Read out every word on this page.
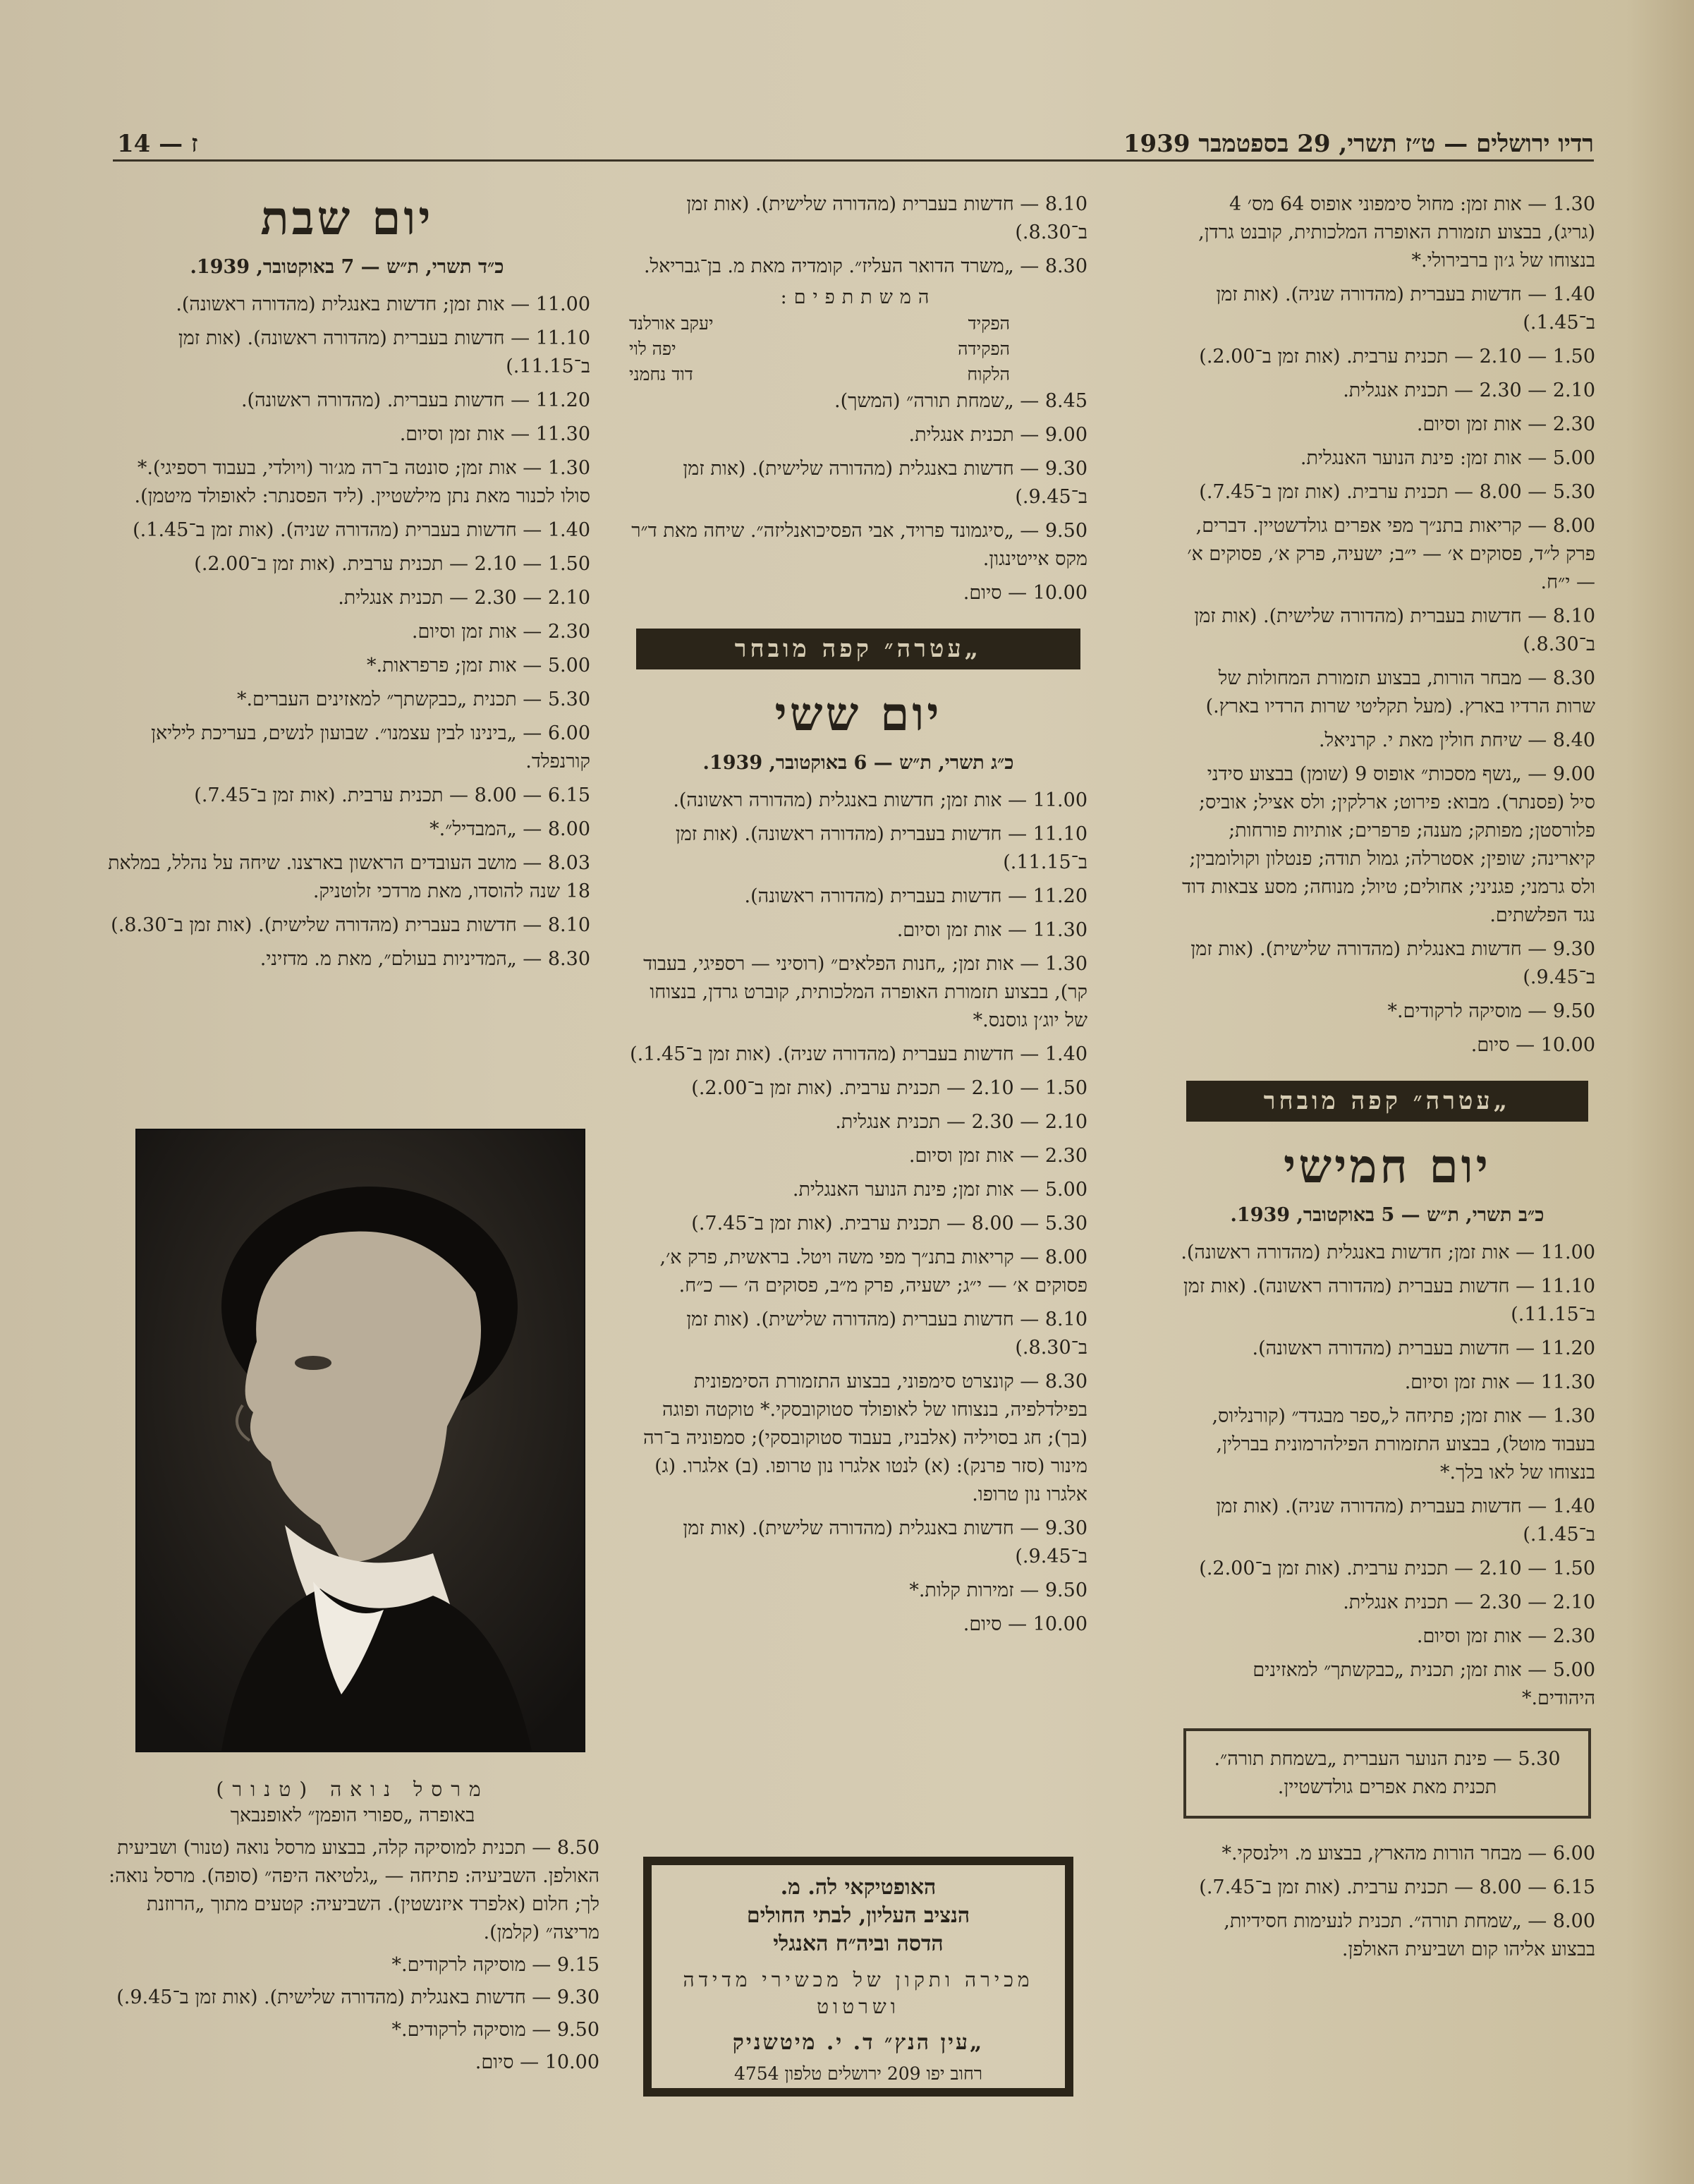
רדיו ירושלים — ט״ז תשרי, 29 בספטמבר 1939
ז — 14
1.30 — אות זמן: מחול סימפוני אופוס 64 מס׳ 4 (גריג), בבצוע תזמורת האופרה המלכותית, קובנט גרדן, בנצוחו של ג׳ון ברבירולי.*
1.40 — חדשות בעברית (מהדורה שניה). (אות זמן ב־1.45.)
1.50 — 2.10 — תכנית ערבית. (אות זמן ב־2.00.)
2.10 — 2.30 — תכנית אנגלית.
2.30 — אות זמן וסיום.
5.00 — אות זמן: פינת הנוער האנגלית.
5.30 — 8.00 — תכנית ערבית. (אות זמן ב־7.45.)
8.00 — קריאות בתנ״ך מפי אפרים גולדשטיין. דברים, פרק ל״ד, פסוקים א׳ — י״ב; ישעיה, פרק א׳, פסוקים א׳ — י״ח.
8.10 — חדשות בעברית (מהדורה שלישית). (אות זמן ב־8.30.)
8.30 — מבחר הורות, בבצוע תזמורת המחולות של שרות הרדיו בארץ. (מעל תקליטי שרות הרדיו בארץ.)
8.40 — שיחת חולין מאת י. קרניאל.
9.00 — „נשף מסכות״ אופוס 9 (שומן) בבצוע סידני סיל (פסנתר). מבוא: פירוט; ארלקין; ולס אציל; אוביס; פלורסטן; מפותק; מענה; פרפרים; אותיות פורחות; קיארינה; שופין; אסטרלה; גמול תודה; פנטלון וקולומבין; ולס גרמני; פגניני; אחולים; טיול; מנוחה; מסע צבאות דוד נגד הפלשתים.
9.30 — חדשות באנגלית (מהדורה שלישית). (אות זמן ב־9.45.)
9.50 — מוסיקה לרקודים.*
10.00 — סיום.
„עטרה״ קפה מובחר
יום חמישי
כ״ב תשרי, ת״ש — 5 באוקטובר, 1939.
11.00 — אות זמן; חדשות באנגלית (מהדורה ראשונה).
11.10 — חדשות בעברית (מהדורה ראשונה). (אות זמן ב־11.15.)
11.20 — חדשות בעברית (מהדורה ראשונה).
11.30 — אות זמן וסיום.
1.30 — אות זמן; פתיחה ל„ספר מבגדד״ (קורנליוס, בעבוד מוטל), בבצוע התזמורת הפילהרמונית בברלין, בנצוחו של לאו בלך.*
1.40 — חדשות בעברית (מהדורה שניה). (אות זמן ב־1.45.)
1.50 — 2.10 — תכנית ערבית. (אות זמן ב־2.00.)
2.10 — 2.30 — תכנית אנגלית.
2.30 — אות זמן וסיום.
5.00 — אות זמן; תכנית „כבקשתך״ למאזינים היהודים.*
5.30 — פינת הנוער העברית „בשמחת תורה״. תכנית מאת אפרים גולדשטיין.
6.00 — מבחר הורות מהארץ, בבצוע מ. וילנסקי.*
6.15 — 8.00 — תכנית ערבית. (אות זמן ב־7.45.)
8.00 — „שמחת תורה״. תכנית לנעימות חסידיות, בבצוע אליהו קום ושביעית האולפן.
8.10 — חדשות בעברית (מהדורה שלישית). (אות זמן ב־8.30.)
8.30 — „משרד הדואר העליז״. קומדיה מאת מ. בן־גבריאל.
המשתתפים:
הפקיד
יעקב אורלנד
הפקידה
יפה לוי
הלקוח
דוד נחמני
8.45 — „שמחת תורה״ (המשך).
9.00 — תכנית אנגלית.
9.30 — חדשות באנגלית (מהדורה שלישית). (אות זמן ב־9.45.)
9.50 — „סיגמונד פרויד, אבי הפסיכואנליזה״. שיחה מאת ד״ר מקס אייטינגון.
10.00 — סיום.
„עטרה״ קפה מובחר
יום ששי
כ״ג תשרי, ת״ש — 6 באוקטובר, 1939.
11.00 — אות זמן; חדשות באנגלית (מהדורה ראשונה).
11.10 — חדשות בעברית (מהדורה ראשונה). (אות זמן ב־11.15.)
11.20 — חדשות בעברית (מהדורה ראשונה).
11.30 — אות זמן וסיום.
1.30 — אות זמן; „חנות הפלאים״ (רוסיני — רספיגי, בעבוד קר), בבצוע תזמורת האופרה המלכותית, קוברט גרדן, בנצוחו של יוג׳ן גוסנס.*
1.40 — חדשות בעברית (מהדורה שניה). (אות זמן ב־1.45.)
1.50 — 2.10 — תכנית ערבית. (אות זמן ב־2.00.)
2.10 — 2.30 — תכנית אנגלית.
2.30 — אות זמן וסיום.
5.00 — אות זמן; פינת הנוער האנגלית.
5.30 — 8.00 — תכנית ערבית. (אות זמן ב־7.45.)
8.00 — קריאות בתנ״ך מפי משה ויטל. בראשית, פרק א׳, פסוקים א׳ — י״ג; ישעיה, פרק מ״ב, פסוקים ה׳ — כ״ח.
8.10 — חדשות בעברית (מהדורה שלישית). (אות זמן ב־8.30.)
8.30 — קונצרט סימפוני, בבצוע התזמורת הסימפונית בפילדלפיה, בנצוחו של לאופולד סטוקובסקי.* טוקטה ופוגה (בך); חג בסויליה (אלבניז, בעבוד סטוקובסקי); סמפוניה ב־רה מינור (סזר פרנק): (א) לנטו אלגרו נון טרופו. (ב) אלגרו. (ג) אלגרו נון טרופו.
9.30 — חדשות באנגלית (מהדורה שלישית). (אות זמן ב־9.45.)
9.50 — זמירות קלות.*
10.00 — סיום.
יום שבת
כ״ד תשרי, ת״ש — 7 באוקטובר, 1939.
11.00 — אות זמן; חדשות באנגלית (מהדורה ראשונה).
11.10 — חדשות בעברית (מהדורה ראשונה). (אות זמן ב־11.15.)
11.20 — חדשות בעברית. (מהדורה ראשונה).
11.30 — אות זמן וסיום.
1.30 — אות זמן; סונטה ב־רה מג׳ור (ויולדי, בעבוד רספיגי).* סולו לכנור מאת נתן מילשטיין. (ליד הפסנתר: לאופולד מיטמן).
1.40 — חדשות בעברית (מהדורה שניה). (אות זמן ב־1.45.)
1.50 — 2.10 — תכנית ערבית. (אות זמן ב־2.00.)
2.10 — 2.30 — תכנית אנגלית.
2.30 — אות זמן וסיום.
5.00 — אות זמן; פרפראות.*
5.30 — תכנית „כבקשתך״ למאזינים העברים.*
6.00 — „בינינו לבין עצמנו״. שבועון לנשים, בעריכת ליליאן קורנפלד.
6.15 — 8.00 — תכנית ערבית. (אות זמן ב־7.45.)
8.00 — „המבדיל״.*
8.03 — מושב העובדים הראשון בארצנו. שיחה על נהלל, במלאת 18 שנה להוסדו, מאת מרדכי זלוטניק.
8.10 — חדשות בעברית (מהדורה שלישית). (אות זמן ב־8.30.)
8.30 — „המדיניות בעולם״, מאת מ. מדזיני.
מרסל נואה (טנור)
באופרה „ספורי הופמן״ לאופנבאך
8.50 — תכנית למוסיקה קלה, בבצוע מרסל נואה (טנור) ושביעית האולפן. השביעיה: פתיחה — „גלטיאה היפה״ (סופה). מרסל נואה: לך; חלום (אלפרד איזנשטין). השביעיה: קטעים מתוך „הרוזנת מריצה״ (קלמן).
9.15 — מוסיקה לרקודים.*
9.30 — חדשות באנגלית (מהדורה שלישית). (אות זמן ב־9.45.)
9.50 — מוסיקה לרקודים.*
10.00 — סיום.
האופטיקאי לה. מ.
הנציב העליון, לבתי החולים
הדסה וביה״ח האנגלי
מכירה ותקון של מכשירי מדידה ושרטוט
„עין הנץ״ ד. י. מיטשניק
רחוב יפו 209 ירושלים טלפון 4754
